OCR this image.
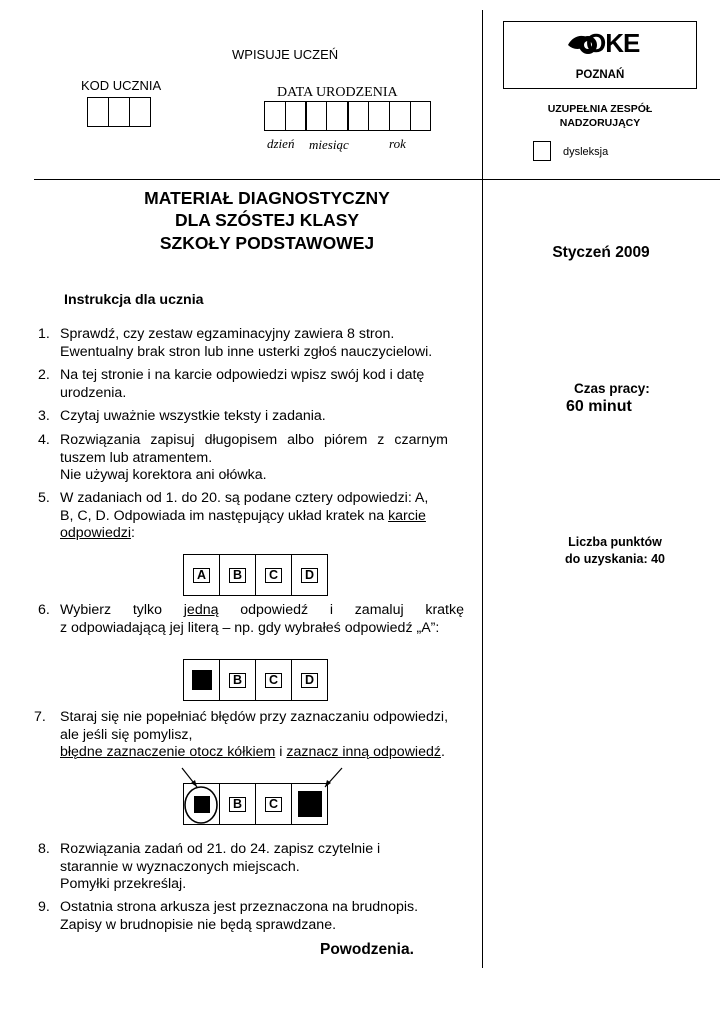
WPISUJE UCZEŃ
KOD UCZNIA	DATA URODZENIA
dzień miesiąc	rok
OKE
POZNAŃ
UZUPEŁNIA ZESPÓŁ
NADZORUJĄCY
dysleksja
MATERIAŁ DIAGNOSTYCZNY
DLA SZÓSTEJ KLASY
SZKOŁY PODSTAWOWEJ	Styczeń 2009
Czas pracy:
60 minut
Liczba punktów
do uzyskania: 40
Instrukcja dla ucznia
1. Sprawdź, czy zestaw egzaminacyjny zawiera 8 stron. Ewentualny brak stron lub inne usterki zgłoś nauczycielowi.
2. Na tej stronie i na karcie odpowiedzi wpisz swój kod i datę urodzenia.
3. Czytaj uważnie wszystkie teksty i zadania.
4. Rozwiązania zapisuj długopisem albo piórem z czarnym tuszem lub atramentem.
Nie używaj korektora ani ołówka.
5. W zadaniach od 1. do 20. są podane cztery odpowiedzi: A, B, C, D. Odpowiada im następujący układ kratek na karcie odpowiedzi:
A	B	C	D
6. Wybierz tylko jedną odpowiedź i zamaluj kratkę
z odpowiadającą jej literą – np. gdy wybrałeś odpowiedź „A”:
B	C	D
7. Staraj się nie popełniać błędów przy zaznaczaniu odpowiedzi, ale jeśli się pomylisz,
błędne zaznaczenie otocz kółkiem i zaznacz inną odpowiedź.
B	C
8. Rozwiązania zadań od 21. do 24. zapisz czytelnie i starannie w wyznaczonych miejscach.
Pomyłki przekreślaj.
9. Ostatnia strona arkusza jest przeznaczona na brudnopis. Zapisy w brudnopisie nie będą sprawdzane.
Powodzenia.
